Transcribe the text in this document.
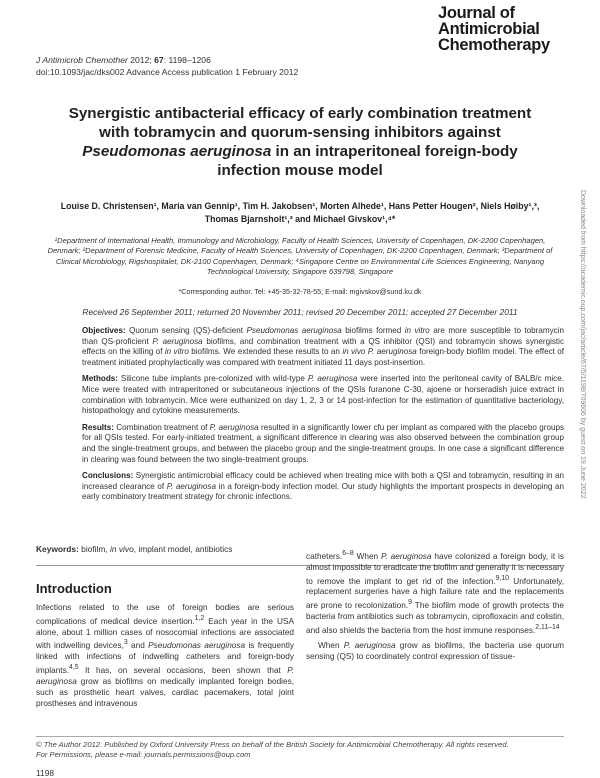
J Antimicrob Chemother 2012; 67: 1198–1206
doi:10.1093/jac/dks002 Advance Access publication 1 February 2012
Journal of
Antimicrobial
Chemotherapy
Synergistic antibacterial efficacy of early combination treatment
with tobramycin and quorum-sensing inhibitors against
Pseudomonas aeruginosa in an intraperitoneal foreign-body
infection mouse model
Louise D. Christensen¹, Maria van Gennip¹, Tim H. Jakobsen¹, Morten Alhede¹, Hans Petter Hougen², Niels Høiby¹,³,
Thomas Bjarnsholt¹,³ and Michael Givskov¹,⁴*
¹Department of International Health, Immunology and Microbiology, Faculty of Health Sciences, University of Copenhagen, DK-2200 Copenhagen, Denmark; ²Department of Forensic Medicine, Faculty of Health Sciences, University of Copenhagen, DK-2200 Copenhagen, Denmark; ³Department of Clinical Microbiology, Rigshospitalet, DK-2100 Copenhagen, Denmark; ⁴Singapore Centre on Environmental Life Sciences Engineering, Nanyang Technological University, Singapore 639798, Singapore
*Corresponding author. Tel: +45-35-32-78-55; E-mail: mgivskov@sund.ku.dk
Received 26 September 2011; returned 20 November 2011; revised 20 December 2011; accepted 27 December 2011

Objectives: Quorum sensing (QS)-deficient Pseudomonas aeruginosa biofilms formed in vitro are more susceptible to tobramycin than QS-proficient P. aeruginosa biofilms, and combination treatment with a QS inhibitor (QSI) and tobramycin shows synergistic effects on the killing of in vitro biofilms. We extended these results to an in vivo P. aeruginosa foreign-body biofilm model. The effect of treatment initiated prophylactically was compared with treatment initiated 11 days post-insertion.

Methods: Silicone tube implants pre-colonized with wild-type P. aeruginosa were inserted into the peritoneal cavity of BALB/c mice. Mice were treated with intraperitoned or subcutaneous injections of the QSIs furanone C-30, ajoene or horseradish juice extract in combination with tobramycin. Mice were euthanized on day 1, 2, 3 or 14 post-infection for the estimation of quantitative bacteriology, histopathology and cytokine measurements.

Results: Combination treatment of P. aeruginosa resulted in a significantly lower cfu per implant as compared with the placebo groups for all QSIs tested. For early-initiated treatment, a significant difference in clearing was also observed between the combination group and the single-treatment groups, and between the placebo group and the single-treatment groups. In one case a significant difference in clearing was found between the two single-treatment groups.

Conclusions: Synergistic antimicrobial efficacy could be achieved when treating mice with both a QSI and tobramycin, resulting in an increased clearance of P. aeruginosa in a foreign-body infection model. Our study highlights the important prospects in developing an early combinatory treatment strategy for chronic infections.

Keywords: biofilm, in vivo, implant model, antibiotics
Introduction

Infections related to the use of foreign bodies are serious complications of medical device insertion.$^{1,2}$ Each year in the USA alone, about 1 million cases of nosocomial infections are associated with indwelling devices,$^3$ and Pseudomonas aeruginosa is frequently linked with infections of indwelling catheters and foreign-body implants.$^{4,5}$ It has, on several occasions, been shown that P. aeruginosa grow as biofilms on medically implanted foreign bodies, such as prosthetic heart valves, cardiac pacemakers, total joint prostheses and intravenous

catheters.$^{6-8}$ When P. aeruginosa have colonized a foreign body, it is almost impossible to eradicate the biofilm and generally it is necessary to remove the implant to get rid of the infection.$^{9,10}$ Unfortunately, replacement surgeries have a high failure rate and the replacements are prone to recolonization.$^9$ The biofilm mode of growth protects the bacteria from antibiotics such as tobramycin, ciprofloxacin and colistin, and also shields the bacteria from the host immune responses.$^{2,11-14}$

When P. aeruginosa grow as biofilms, the bacteria use quorum sensing (QS) to coordinately control expression of tissue-

© The Author 2012. Published by Oxford University Press on behalf of the British Society for Antimicrobial Chemotherapy. All rights reserved.
For Permissions, please e-mail: journals.permissions@oup.com
1198
Downloaded from https://academic.oup.com/jac/article/67/5/1198/709606 by guest on 19 June 2022
